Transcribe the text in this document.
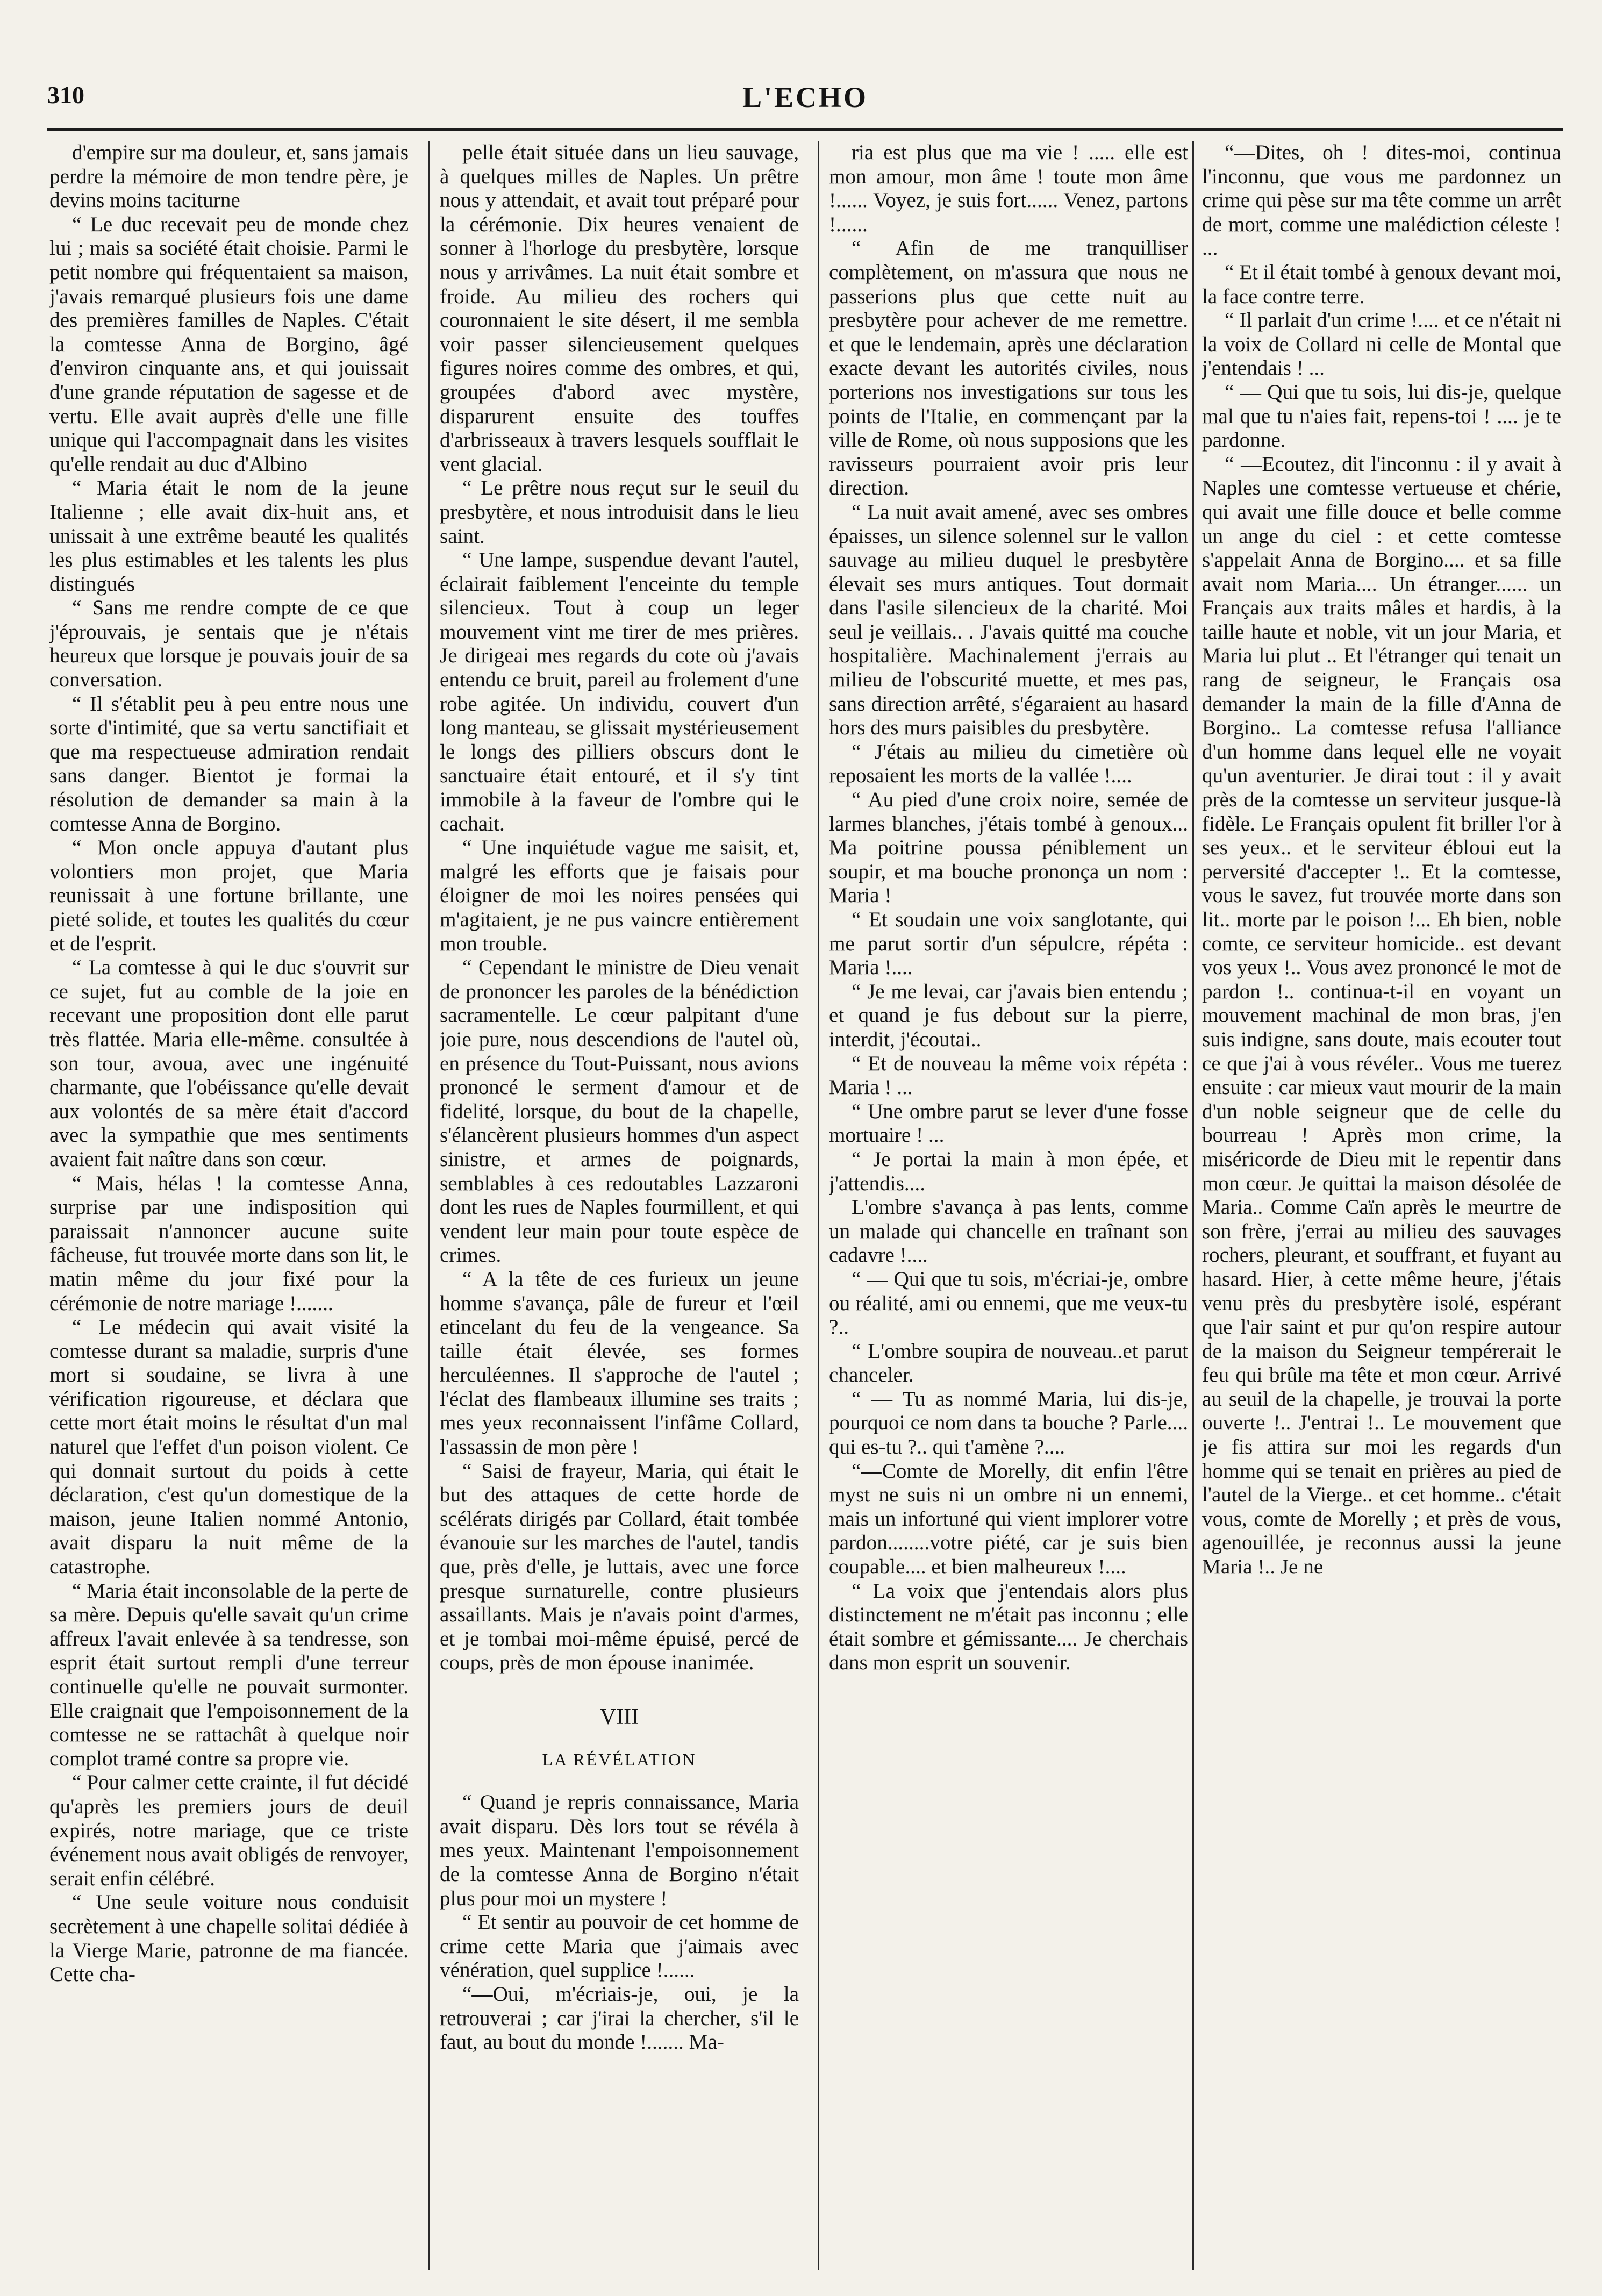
310	L'ECHO

d'empire sur ma douleur, et, sans jamais perdre la mémoire de mon tendre père, je devins moins taciturne

“ Le duc recevait peu de monde chez lui ; mais sa société était choisie. Parmi le petit nombre qui fréquentaient sa maison, j'avais remarqué plusieurs fois une dame des premières familles de Naples. C'était la comtesse Anna de Borgino, âgé d'environ cinquante ans, et qui jouissait d'une grande réputation de sagesse et de vertu. Elle avait auprès d'elle une fille unique qui l'accompagnait dans les visites qu'elle rendait au duc d'Albino

“ Maria était le nom de la jeune Italienne ; elle avait dix-huit ans, et unissait à une extrême beauté les qualités les plus estimables et les talents les plus distingués

“ Sans me rendre compte de ce que j'éprouvais, je sentais que je n'étais heureux que lorsque je pouvais jouir de sa conversation.

“ Il s'établit peu à peu entre nous une sorte d'intimité, que sa vertu sanctifiait et que ma respectueuse admiration rendait sans danger. Bientot je formai la résolution de demander sa main à la comtesse Anna de Borgino.

“ Mon oncle appuya d'autant plus volontiers mon projet, que Maria reunissait à une fortune brillante, une pieté solide, et toutes les qualités du cœur et de l'esprit.

“ La comtesse à qui le duc s'ouvrit sur ce sujet, fut au comble de la joie en recevant une proposition dont elle parut très flattée. Maria elle-même. consultée à son tour, avoua, avec une ingénuité charmante, que l'obéissance qu'elle devait aux volontés de sa mère était d'accord avec la sympathie que mes sentiments avaient fait naître dans son cœur.

“ Mais, hélas ! la comtesse Anna, surprise par une indisposition qui paraissait n'annoncer aucune suite fâcheuse, fut trouvée morte dans son lit, le matin même du jour fixé pour la cérémonie de notre mariage !.......

“ Le médecin qui avait visité la comtesse durant sa maladie, surpris d'une mort si soudaine, se livra à une vérification rigoureuse, et déclara que cette mort était moins le résultat d'un mal naturel que l'effet d'un poison violent. Ce qui donnait surtout du poids à cette déclaration, c'est qu'un domestique de la maison, jeune Italien nommé Antonio, avait disparu la nuit même de la catastrophe.

“ Maria était inconsolable de la perte de sa mère. Depuis qu'elle savait qu'un crime affreux l'avait enlevée à sa tendresse, son esprit était surtout rempli d'une terreur continuelle qu'elle ne pouvait surmonter. Elle craignait que l'empoisonnement de la comtesse ne se rattachât à quelque noir complot tramé contre sa propre vie.

“ Pour calmer cette crainte, il fut décidé qu'après les premiers jours de deuil expirés, notre mariage, que ce triste événement nous avait obligés de renvoyer, serait enfin célébré.

“ Une seule voiture nous conduisit secrètement à une chapelle solitai dédiée à la Vierge Marie, patronne de ma fiancée. Cette cha-

pelle était située dans un lieu sauvage, à quelques milles de Naples. Un prêtre nous y attendait, et avait tout préparé pour la cérémonie. Dix heures venaient de sonner à l'horloge du presbytère, lorsque nous y arrivâmes. La nuit était sombre et froide. Au milieu des rochers qui couronnaient le site désert, il me sembla voir passer silencieusement quelques figures noires comme des ombres, et qui, groupées d'abord avec mystère, disparurent ensuite des touffes d'arbrisseaux à travers lesquels soufflait le vent glacial.

“ Le prêtre nous reçut sur le seuil du presbytère, et nous introduisit dans le lieu saint.

“ Une lampe, suspendue devant l'autel, éclairait faiblement l'enceinte du temple silencieux. Tout à coup un leger mouvement vint me tirer de mes prières. Je dirigeai mes regards du cote où j'avais entendu ce bruit, pareil au frolement d'une robe agitée. Un individu, couvert d'un long manteau, se glissait mystérieusement le longs des pilliers obscurs dont le sanctuaire était entouré, et il s'y tint immobile à la faveur de l'ombre qui le cachait.

“ Une inquiétude vague me saisit, et, malgré les efforts que je faisais pour éloigner de moi les noires pensées qui m'agitaient, je ne pus vaincre entièrement mon trouble.

“ Cependant le ministre de Dieu venait de prononcer les paroles de la bénédiction sacramentelle. Le cœur palpitant d'une joie pure, nous descendions de l'autel où, en présence du Tout-Puissant, nous avions prononcé le serment d'amour et de fidelité, lorsque, du bout de la chapelle, s'élancèrent plusieurs hommes d'un aspect sinistre, et armes de poignards, semblables à ces redoutables Lazzaroni dont les rues de Naples fourmillent, et qui vendent leur main pour toute espèce de crimes.

“ A la tête de ces furieux un jeune homme s'avança, pâle de fureur et l'œil etincelant du feu de la vengeance. Sa taille était élevée, ses formes herculéennes. Il s'approche de l'autel ; l'éclat des flambeaux illumine ses traits ; mes yeux reconnaissent l'infâme Collard, l'assassin de mon père !

“ Saisi de frayeur, Maria, qui était le but des attaques de cette horde de scélérats dirigés par Collard, était tombée évanouie sur les marches de l'autel, tandis que, près d'elle, je luttais, avec une force presque surnaturelle, contre plusieurs assaillants. Mais je n'avais point d'armes, et je tombai moi-même épuisé, percé de coups, près de mon épouse inanimée.

VIII
LA RÉVÉLATION

“ Quand je repris connaissance, Maria avait disparu. Dès lors tout se révéla à mes yeux. Maintenant l'empoisonnement de la comtesse Anna de Borgino n'était plus pour moi un mystere !

“ Et sentir au pouvoir de cet homme de crime cette Maria que j'aimais avec vénération, quel supplice !......

“—Oui, m'écriais-je, oui, je la retrouverai ; car j'irai la chercher, s'il le faut, au bout du monde !....... Ma-

ria est plus que ma vie ! ..... elle est mon amour, mon âme ! toute mon âme !...... Voyez, je suis fort...... Venez, partons !......

“ Afin de me tranquilliser complètement, on m'assura que nous ne passerions plus que cette nuit au presbytère pour achever de me remettre. et que le lendemain, après une déclaration exacte devant les autorités civiles, nous porterions nos investigations sur tous les points de l'Italie, en commençant par la ville de Rome, où nous supposions que les ravisseurs pourraient avoir pris leur direction.

“ La nuit avait amené, avec ses ombres épaisses, un silence solennel sur le vallon sauvage au milieu duquel le presbytère élevait ses murs antiques. Tout dormait dans l'asile silencieux de la charité. Moi seul je veillais.. . J'avais quitté ma couche hospitalière. Machinalement j'errais au milieu de l'obscurité muette, et mes pas, sans direction arrêté, s'égaraient au hasard hors des murs paisibles du presbytère.

“ J'étais au milieu du cimetière où reposaient les morts de la vallée !....

“ Au pied d'une croix noire, semée de larmes blanches, j'étais tombé à genoux... Ma poitrine poussa péniblement un soupir, et ma bouche prononça un nom : Maria !

“ Et soudain une voix sanglotante, qui me parut sortir d'un sépulcre, répéta : Maria !....

“ Je me levai, car j'avais bien entendu ; et quand je fus debout sur la pierre, interdit, j'écoutai..

“ Et de nouveau la même voix répéta : Maria ! ...

“ Une ombre parut se lever d'une fosse mortuaire ! ...

“ Je portai la main à mon épée, et j'attendis....

L'ombre s'avança à pas lents, comme un malade qui chancelle en traînant son cadavre !....

“ — Qui que tu sois, m'écriai-je, ombre ou réalité, ami ou ennemi, que me veux-tu ?..

“ L'ombre soupira de nouveau..et parut chanceler.

“ — Tu as nommé Maria, lui dis-je, pourquoi ce nom dans ta bouche ? Parle.... qui es-tu ?.. qui t'amène ?....

“—Comte de Morelly, dit enfin l'être myst ne suis ni un ombre ni un ennemi, mais un infortuné qui vient implorer votre pardon........votre piété, car je suis bien coupable.... et bien malheureux !....

“ La voix que j'entendais alors plus distinctement ne m'était pas inconnu ; elle était sombre et gémissante.... Je cherchais dans mon esprit un souvenir.

“—Dites, oh ! dites-moi, continua l'inconnu, que vous me pardonnez un crime qui pèse sur ma tête comme un arrêt de mort, comme une malédiction céleste ! ...

“ Et il était tombé à genoux devant moi, la face contre terre.

“ Il parlait d'un crime !.... et ce n'était ni la voix de Collard ni celle de Montal que j'entendais ! ...

“ — Qui que tu sois, lui dis-je, quelque mal que tu n'aies fait, repens-toi ! .... je te pardonne.

“ —Ecoutez, dit l'inconnu : il y avait à Naples une comtesse vertueuse et chérie, qui avait une fille douce et belle comme un ange du ciel : et cette comtesse s'appelait Anna de Borgino.... et sa fille avait nom Maria.... Un étranger...... un Français aux traits mâles et hardis, à la taille haute et noble, vit un jour Maria, et Maria lui plut .. Et l'étranger qui tenait un rang de seigneur, le Français osa demander la main de la fille d'Anna de Borgino.. La comtesse refusa l'alliance d'un homme dans lequel elle ne voyait qu'un aventurier. Je dirai tout : il y avait près de la comtesse un serviteur jusque-là fidèle. Le Français opulent fit briller l'or à ses yeux.. et le serviteur ébloui eut la perversité d'accepter !.. Et la comtesse, vous le savez, fut trouvée morte dans son lit.. morte par le poison !... Eh bien, noble comte, ce serviteur homicide.. est devant vos yeux !.. Vous avez prononcé le mot de pardon !.. continua-t-il en voyant un mouvement machinal de mon bras, j'en suis indigne, sans doute, mais ecouter tout ce que j'ai à vous révéler.. Vous me tuerez ensuite : car mieux vaut mourir de la main d'un noble seigneur que de celle du bourreau ! Après mon crime, la miséricorde de Dieu mit le repentir dans mon cœur. Je quittai la maison désolée de Maria.. Comme Caïn après le meurtre de son frère, j'errai au milieu des sauvages rochers, pleurant, et souffrant, et fuyant au hasard. Hier, à cette même heure, j'étais venu près du presbytère isolé, espérant que l'air saint et pur qu'on respire autour de la maison du Seigneur tempérerait le feu qui brûle ma tête et mon cœur. Arrivé au seuil de la chapelle, je trouvai la porte ouverte !.. J'entrai !.. Le mouvement que je fis attira sur moi les regards d'un homme qui se tenait en prières au pied de l'autel de la Vierge.. et cet homme.. c'était vous, comte de Morelly ; et près de vous, agenouillée, je reconnus aussi la jeune Maria !.. Je ne
